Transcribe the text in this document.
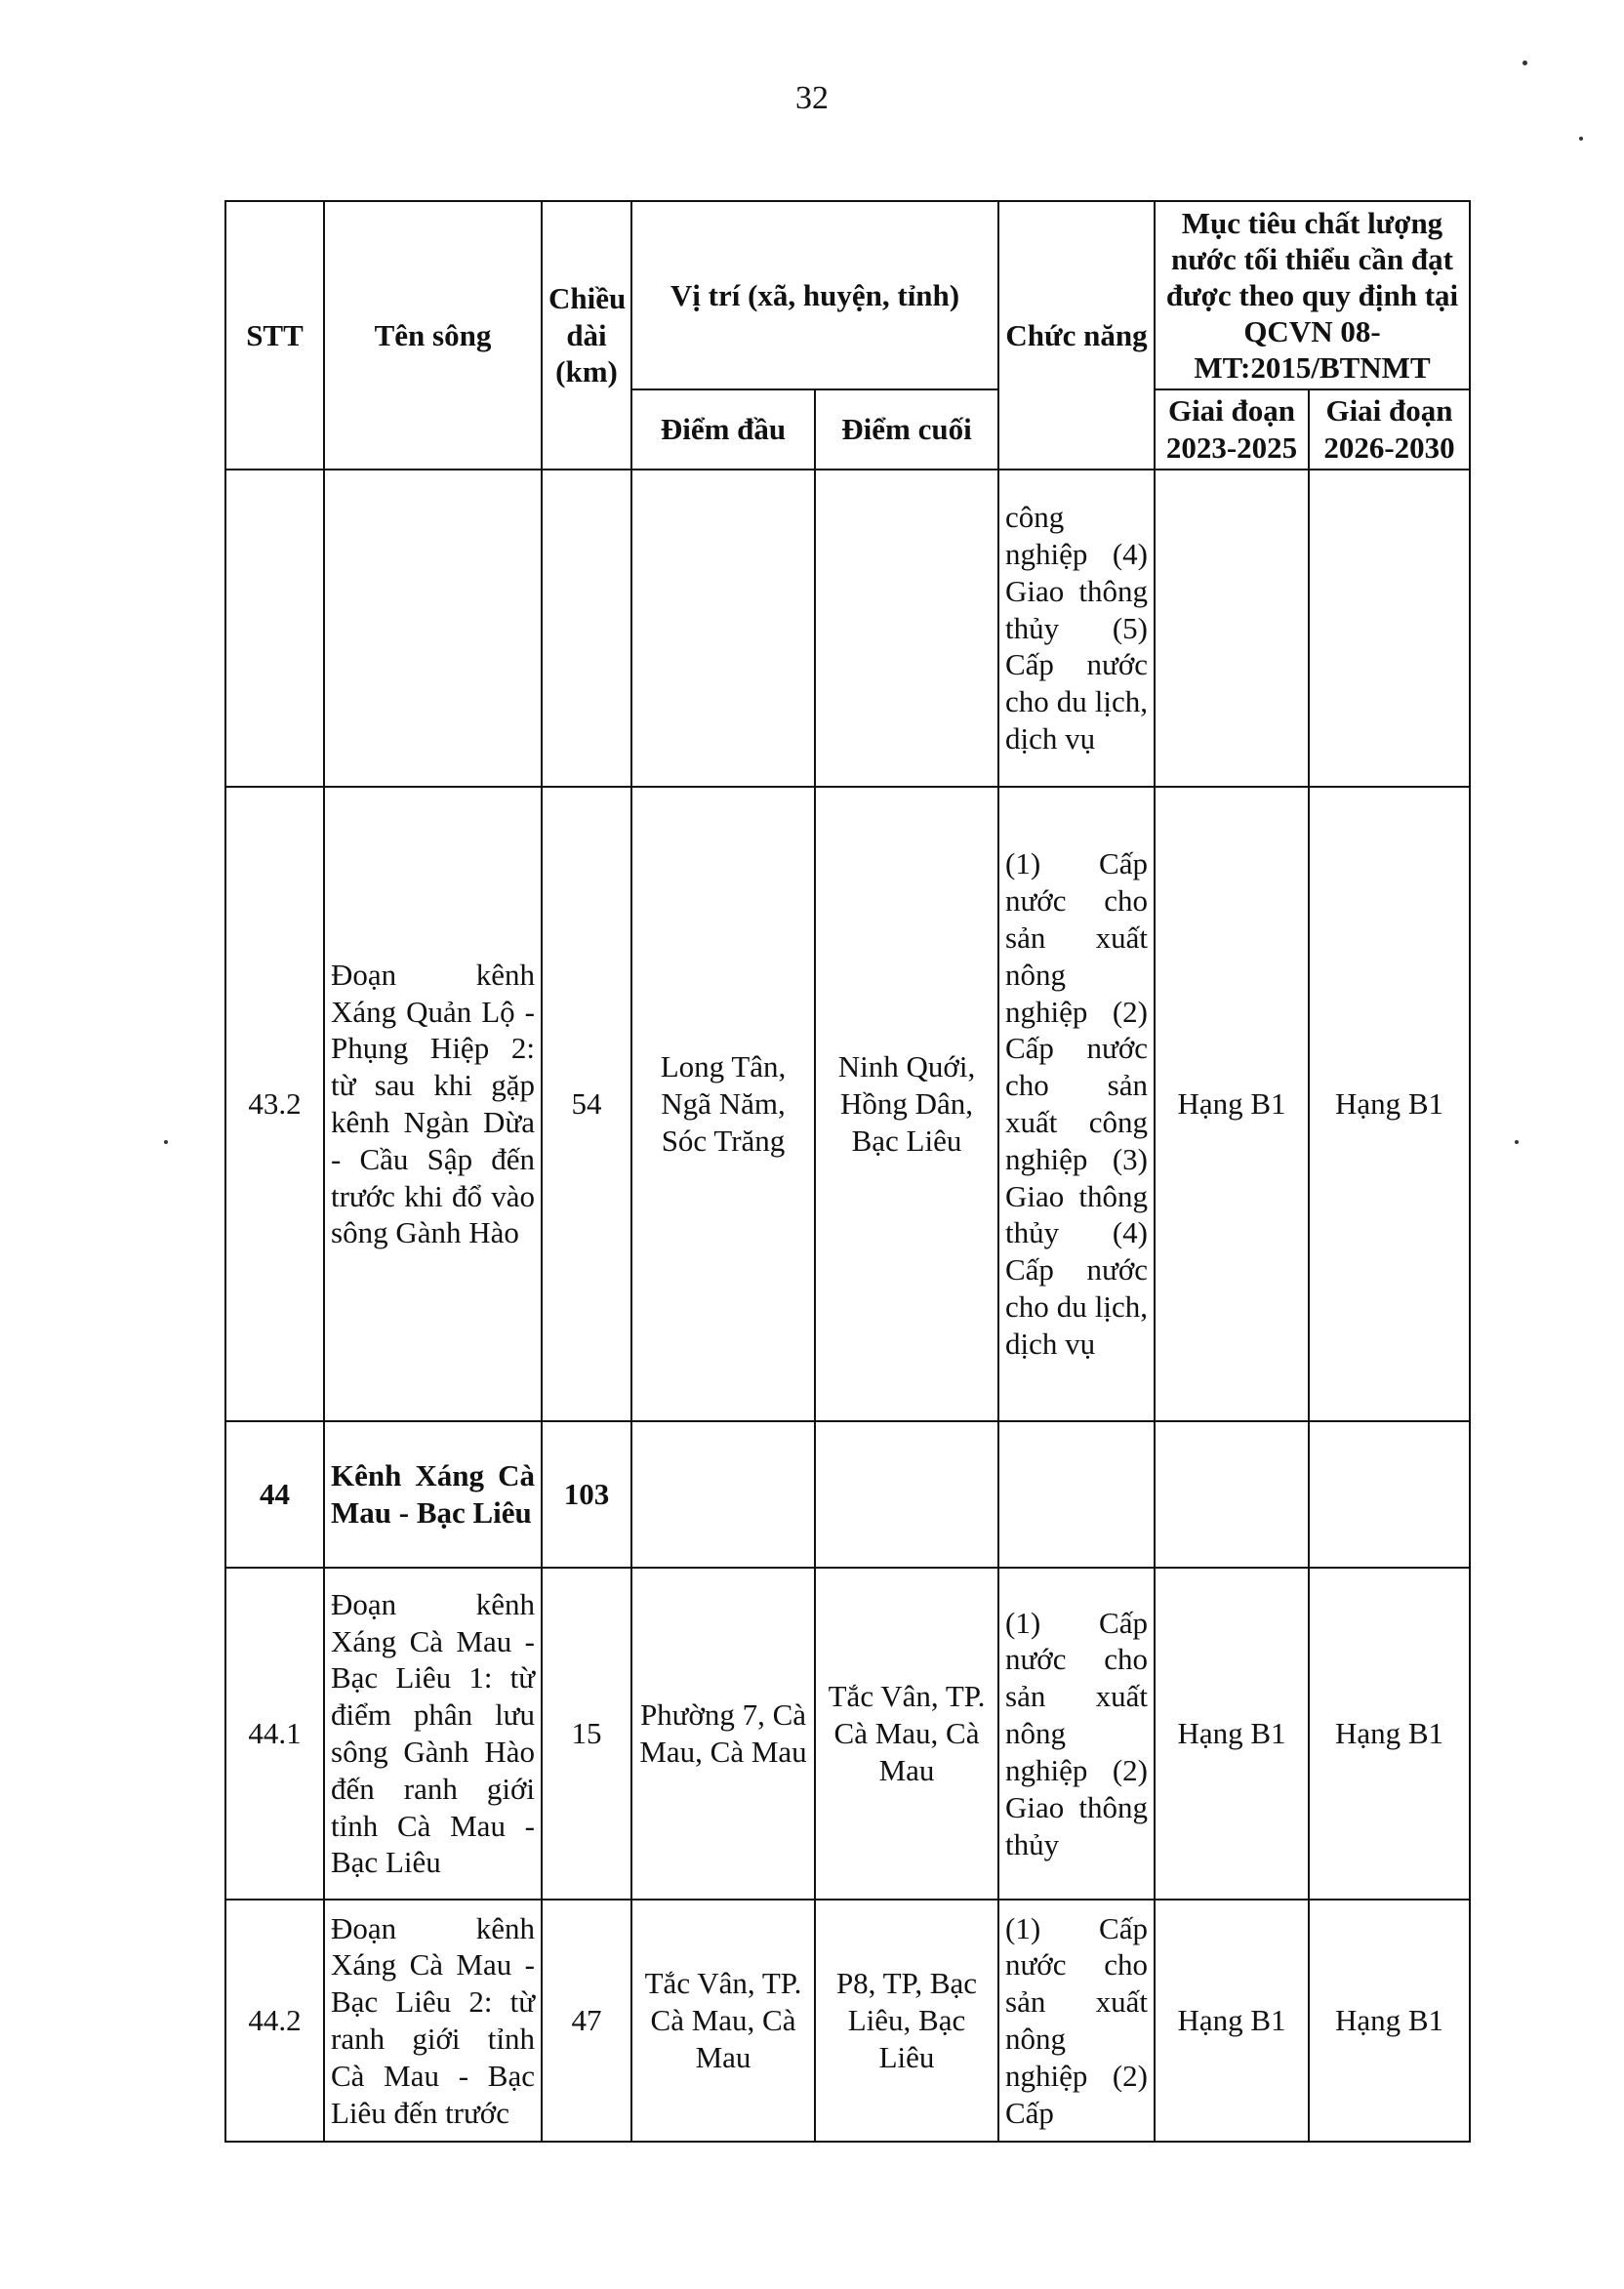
32
STT	Tên sông	Chiều dài (km)	Vị trí (xã, huyện, tỉnh)		Chức năng	Mục tiêu chất lượng nước tối thiểu cần đạt được theo quy định tại QCVN 08-MT:2015/BTNMT	
			Điểm đầu	Điểm cuối		Giai đoạn 2023-2025	Giai đoạn 2026-2030
					công nghiệp (4) Giao thông thủy (5) Cấp nước cho du lịch, dịch vụ		
43.2	Đoạn kênh Xáng Quản Lộ - Phụng Hiệp 2: từ sau khi gặp kênh Ngàn Dừa - Cầu Sập đến trước khi đổ vào sông Gành Hào	54	Long Tân, Ngã Năm, Sóc Trăng	Ninh Quới, Hồng Dân, Bạc Liêu	(1) Cấp nước cho sản xuất nông nghiệp (2) Cấp nước cho sản xuất công nghiệp (3) Giao thông thủy (4) Cấp nước cho du lịch, dịch vụ	Hạng B1	Hạng B1
44	Kênh Xáng Cà Mau - Bạc Liêu	103					
44.1	Đoạn kênh Xáng Cà Mau - Bạc Liêu 1: từ điểm phân lưu sông Gành Hào đến ranh giới tỉnh Cà Mau - Bạc Liêu	15	Phường 7, Cà Mau, Cà Mau	Tắc Vân, TP. Cà Mau, Cà Mau	(1) Cấp nước cho sản xuất nông nghiệp (2) Giao thông thủy	Hạng B1	Hạng B1
44.2	Đoạn kênh Xáng Cà Mau - Bạc Liêu 2: từ ranh giới tỉnh Cà Mau - Bạc Liêu đến trước	47	Tắc Vân, TP. Cà Mau, Cà Mau	P8, TP, Bạc Liêu, Bạc Liêu	(1) Cấp nước cho sản xuất nông nghiệp (2) Cấp	Hạng B1	Hạng B1
